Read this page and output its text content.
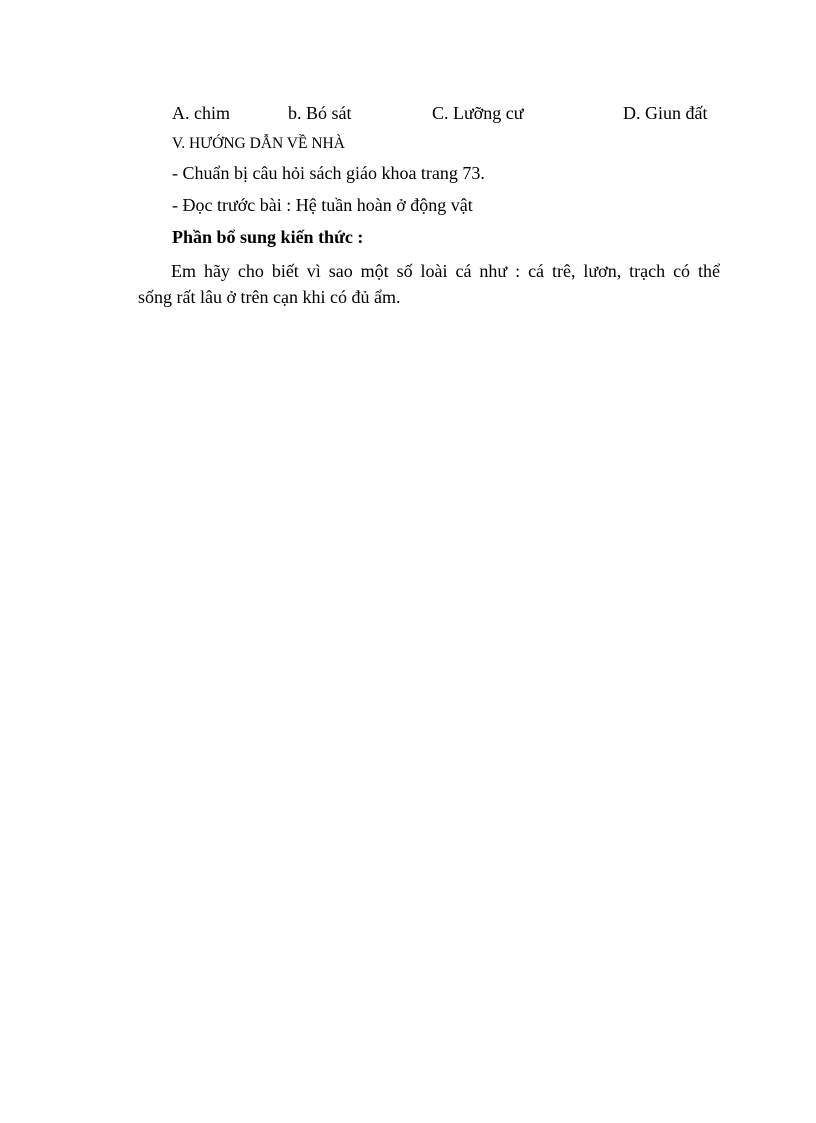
A. chim	b. Bó sát	C. Lưỡng cư	D. Giun đất
V. HƯỚNG DẪN VỀ NHÀ
- Chuẩn bị câu hỏi sách giáo khoa trang 73.
- Đọc trước bài : Hệ tuần hoàn ở động vật
Phần bổ sung kiến thức :
Em hãy cho biết vì sao một số loài cá như : cá trê, lươn, trạch có thể
sống rất lâu ở trên cạn khi có đủ ẩm.
